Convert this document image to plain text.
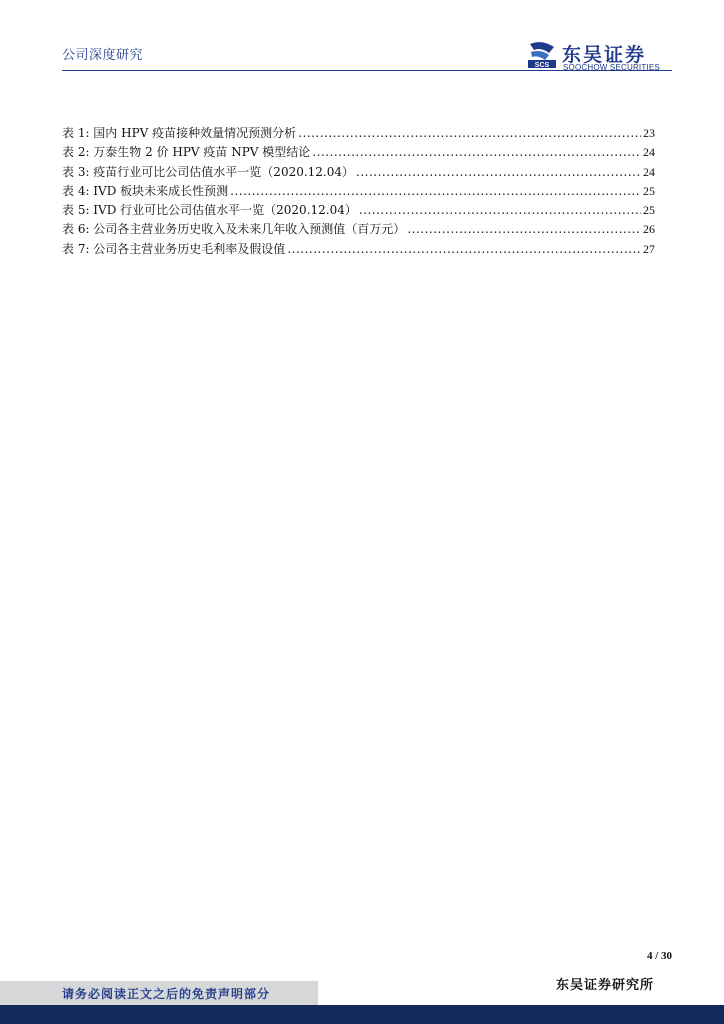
公司深度研究
SCS 东吴证券
SOOCHOW SECURITIES
表 1: 国内 HPV 疫苗接种效量情况预测分析 .....	23
表 2: 万泰生物 2 价 HPV 疫苗 NPV 模型结论 .....	24
表 3: 疫苗行业可比公司估值水平一览（2020.12.04） .....	24
表 4: IVD 板块未来成长性预测 .....	25
表 5: IVD 行业可比公司估值水平一览（2020.12.04） .....	25
表 6: 公司各主营业务历史收入及未来几年收入预测值（百万元） .....	26
表 7: 公司各主营业务历史毛利率及假设值 .....	27
4 / 30
东吴证券研究所
请务必阅读正文之后的免责声明部分
